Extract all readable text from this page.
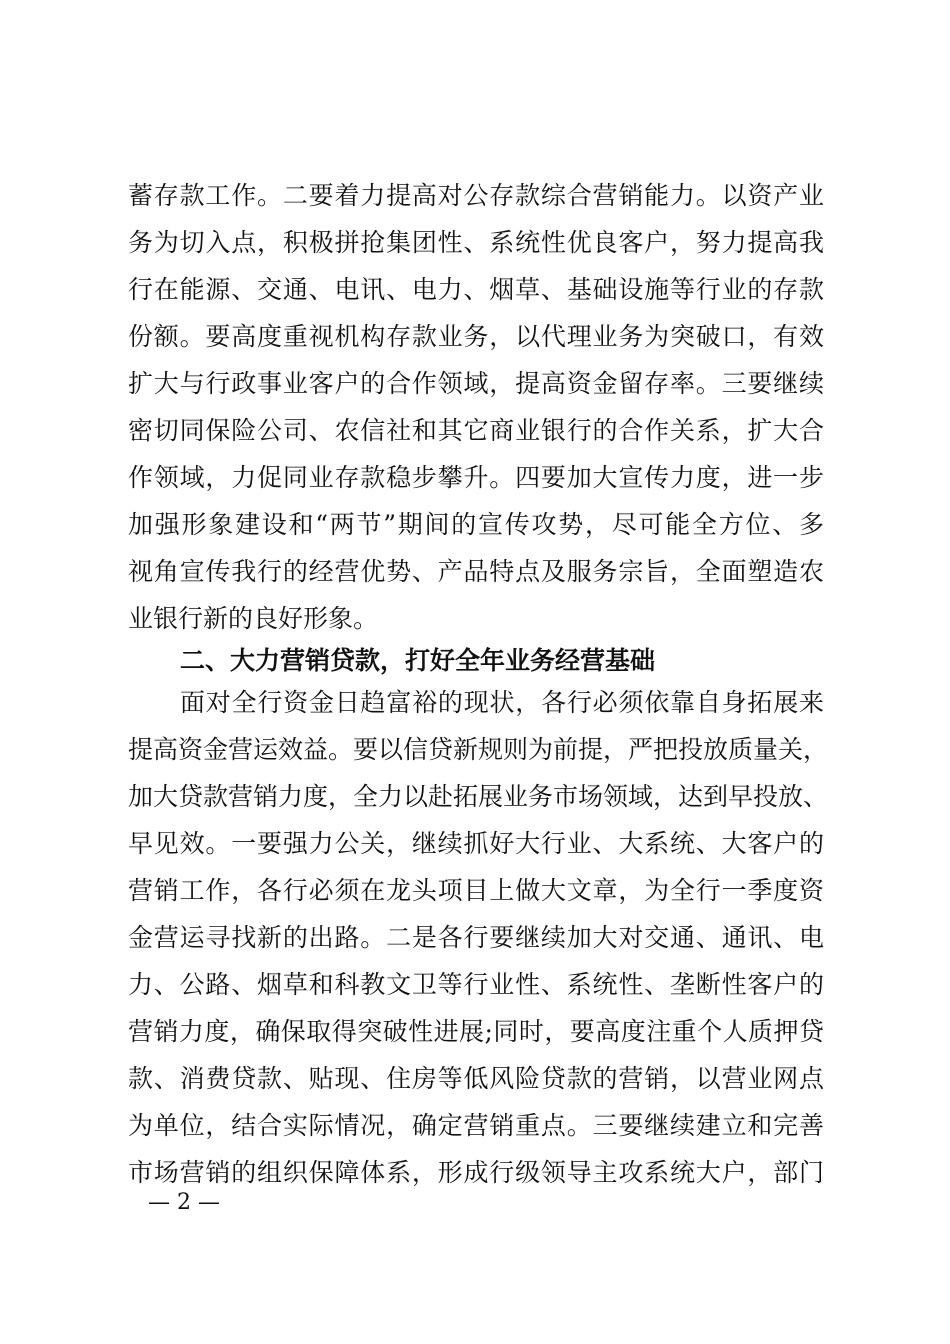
蓄存款工作。二要着力提高对公存款综合营销能力。以资产业
务为切入点，积极拼抢集团性、系统性优良客户，努力提高我
行在能源、交通、电讯、电力、烟草、基础设施等行业的存款
份额。要高度重视机构存款业务，以代理业务为突破口，有效
扩大与行政事业客户的合作领域，提高资金留存率。三要继续
密切同保险公司、农信社和其它商业银行的合作关系，扩大合
作领域，力促同业存款稳步攀升。四要加大宣传力度，进一步
加强形象建设和“两节”期间的宣传攻势，尽可能全方位、多
视角宣传我行的经营优势、产品特点及服务宗旨，全面塑造农
业银行新的良好形象。
二、大力营销贷款，打好全年业务经营基础
面对全行资金日趋富裕的现状，各行必须依靠自身拓展来
提高资金营运效益。要以信贷新规则为前提，严把投放质量关，
加大贷款营销力度，全力以赴拓展业务市场领域，达到早投放、
早见效。一要强力公关，继续抓好大行业、大系统、大客户的
营销工作，各行必须在龙头项目上做大文章，为全行一季度资
金营运寻找新的出路。二是各行要继续加大对交通、通讯、电
力、公路、烟草和科教文卫等行业性、系统性、垄断性客户的
营销力度，确保取得突破性进展;同时，要高度注重个人质押贷
款、消费贷款、贴现、住房等低风险贷款的营销，以营业网点
为单位，结合实际情况，确定营销重点。三要继续建立和完善
市场营销的组织保障体系，形成行级领导主攻系统大户，部门
— 2 —
